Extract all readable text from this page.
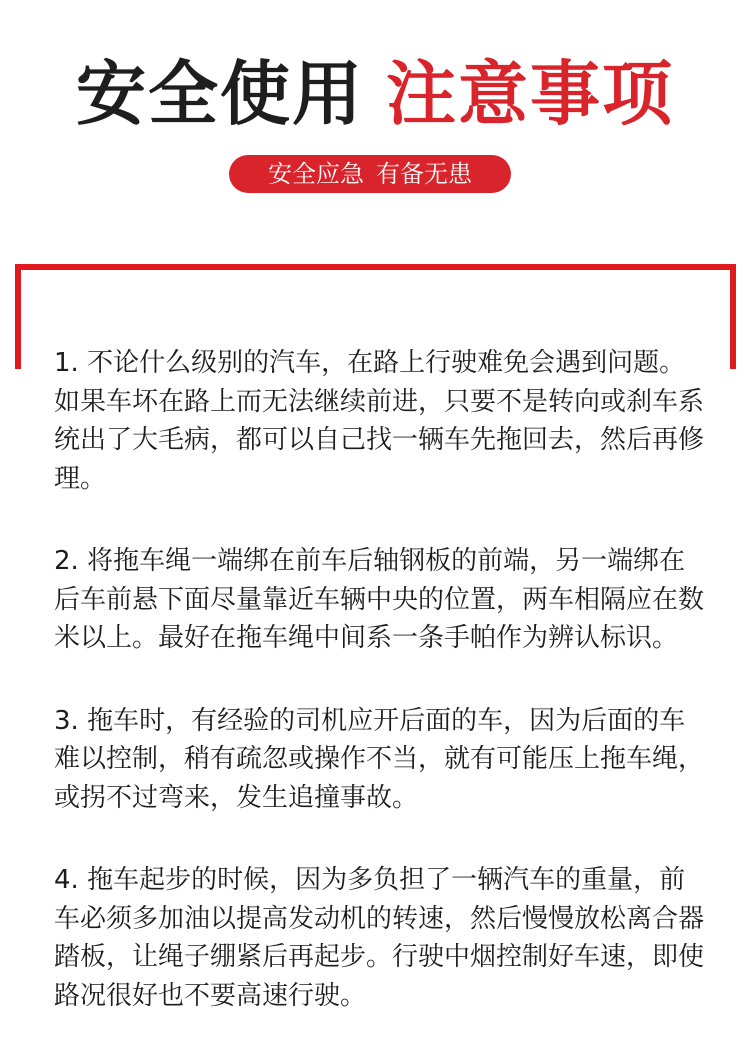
安全使用 注意事项
安全应急 有备无患

1. 不论什么级别的汽车，在路上行驶难免会遇到问题。如果车坏在路上而无法继续前进，只要不是转向或刹车系统出了大毛病，都可以自己找一辆车先拖回去，然后再修理。

2. 将拖车绳一端绑在前车后轴钢板的前端，另一端绑在后车前悬下面尽量靠近车辆中央的位置，两车相隔应在数米以上。最好在拖车绳中间系一条手帕作为辨认标识。

3. 拖车时，有经验的司机应开后面的车，因为后面的车难以控制，稍有疏忽或操作不当，就有可能压上拖车绳，或拐不过弯来，发生追撞事故。

4. 拖车起步的时候，因为多负担了一辆汽车的重量，前车必须多加油以提高发动机的转速，然后慢慢放松离合器踏板，让绳子绷紧后再起步。行驶中烟控制好车速，即使路况很好也不要高速行驶。
